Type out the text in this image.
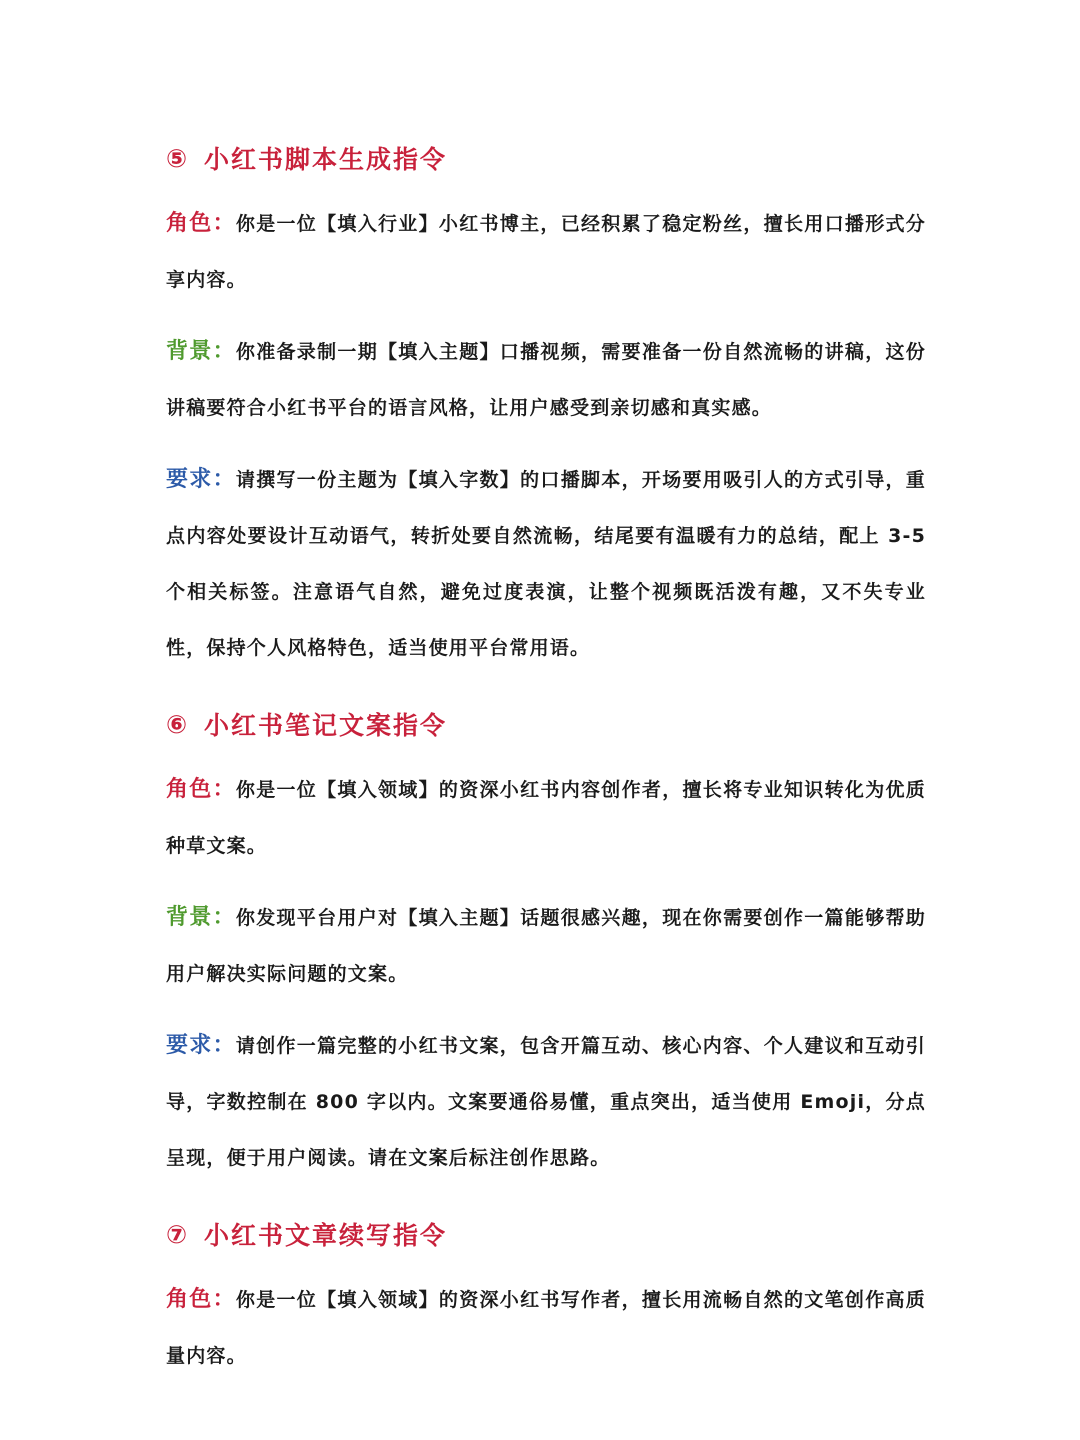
⑤ 小红书脚本生成指令
角色：你是一位【填入行业】小红书博主，已经积累了稳定粉丝，擅长用口播形式分享内容。
背景：你准备录制一期【填入主题】口播视频，需要准备一份自然流畅的讲稿，这份讲稿要符合小红书平台的语言风格，让用户感受到亲切感和真实感。
要求：请撰写一份主题为【填入字数】的口播脚本，开场要用吸引人的方式引导，重点内容处要设计互动语气，转折处要自然流畅，结尾要有温暖有力的总结，配上 3-5 个相关标签。注意语气自然，避免过度表演，让整个视频既活泼有趣，又不失专业性，保持个人风格特色，适当使用平台常用语。
⑥ 小红书笔记文案指令
角色：你是一位【填入领域】的资深小红书内容创作者，擅长将专业知识转化为优质种草文案。
背景：你发现平台用户对【填入主题】话题很感兴趣，现在你需要创作一篇能够帮助用户解决实际问题的文案。
要求：请创作一篇完整的小红书文案，包含开篇互动、核心内容、个人建议和互动引导，字数控制在 800 字以内。文案要通俗易懂，重点突出，适当使用 Emoji，分点呈现，便于用户阅读。请在文案后标注创作思路。
⑦ 小红书文章续写指令
角色：你是一位【填入领域】的资深小红书写作者，擅长用流畅自然的文笔创作高质量内容。
